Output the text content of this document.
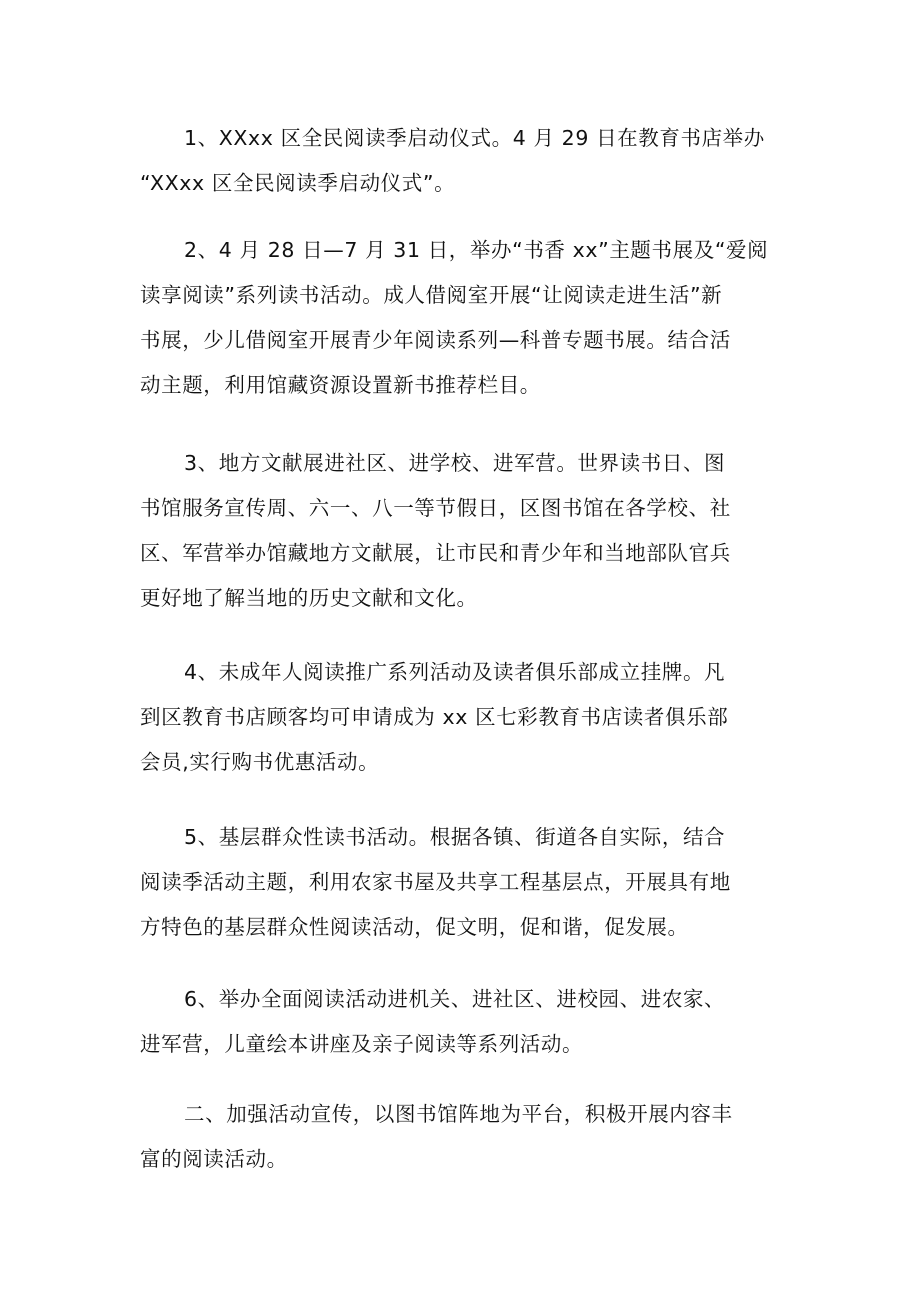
1、XXxx 区全民阅读季启动仪式。4 月 29 日在教育书店举办
“XXxx 区全民阅读季启动仪式”。

2、4 月 28 日—7 月 31 日，举办“书香 xx”主题书展及“爱阅
读享阅读”系列读书活动。成人借阅室开展“让阅读走进生活”新
书展，少儿借阅室开展青少年阅读系列—科普专题书展。结合活
动主题，利用馆藏资源设置新书推荐栏目。

3、地方文献展进社区、进学校、进军营。世界读书日、图
书馆服务宣传周、六一、八一等节假日，区图书馆在各学校、社
区、军营举办馆藏地方文献展，让市民和青少年和当地部队官兵
更好地了解当地的历史文献和文化。

4、未成年人阅读推广系列活动及读者俱乐部成立挂牌。凡
到区教育书店顾客均可申请成为 xx 区七彩教育书店读者俱乐部
会员,实行购书优惠活动。

5、基层群众性读书活动。根据各镇、街道各自实际，结合
阅读季活动主题，利用农家书屋及共享工程基层点，开展具有地
方特色的基层群众性阅读活动，促文明，促和谐，促发展。

6、举办全面阅读活动进机关、进社区、进校园、进农家、
进军营，儿童绘本讲座及亲子阅读等系列活动。

二、加强活动宣传，以图书馆阵地为平台，积极开展内容丰
富的阅读活动。
